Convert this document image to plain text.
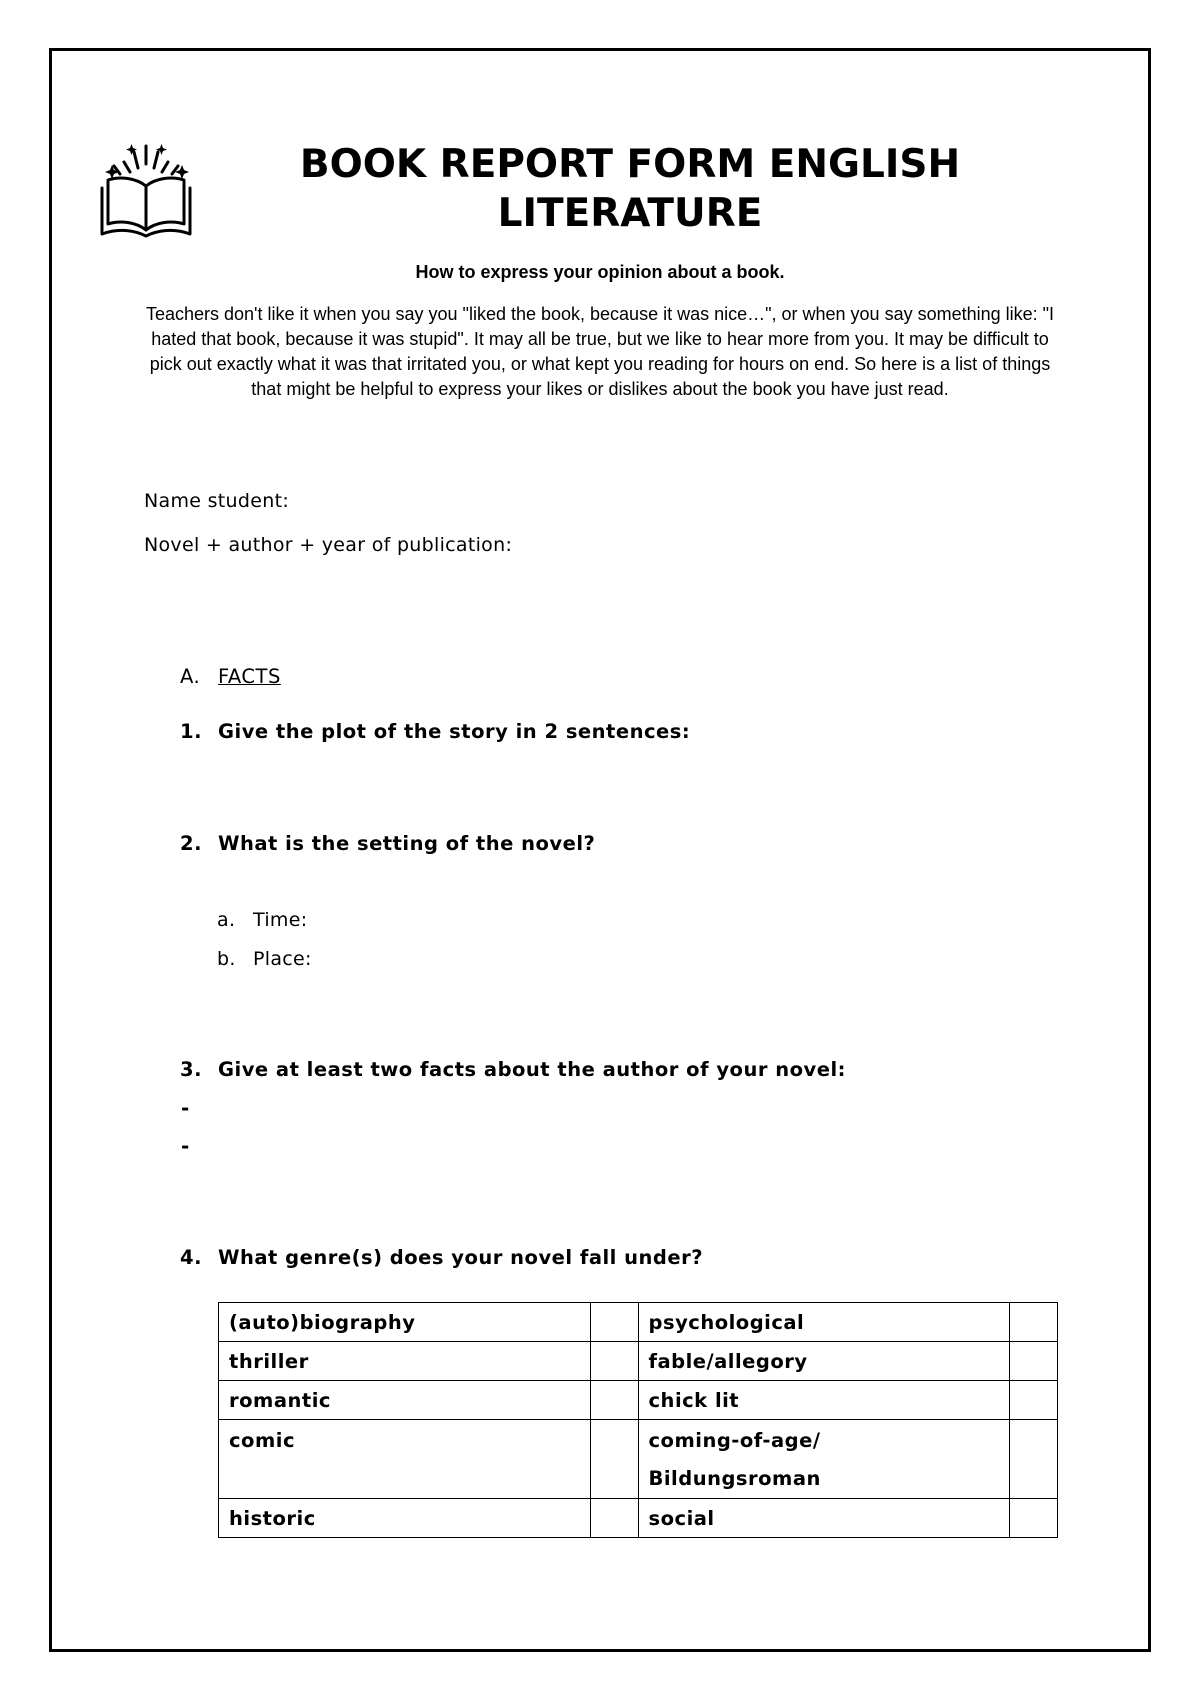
BOOK REPORT FORM ENGLISH LITERATURE
How to express your opinion about a book.

Teachers don't like it when you say you "liked the book, because it was nice…", or when you say something like: "I hated that book, because it was stupid". It may all be true, but we like to hear more from you. It may be difficult to pick out exactly what it was that irritated you, or what kept you reading for hours on end. So here is a list of things that might be helpful to express your likes or dislikes about the book you have just read.

Name student:
Novel + author + year of publication:
A. FACTS
1. Give the plot of the story in 2 sentences:
2. What is the setting of the novel?
a. Time:
b. Place:
3. Give at least two facts about the author of your novel:
-
-
4. What genre(s) does your novel fall under?
(auto)biography		psychological	
thriller		fable/allegory	
romantic		chick lit	
comic		coming-of-age/
Bildungsroman	
historic		social	
